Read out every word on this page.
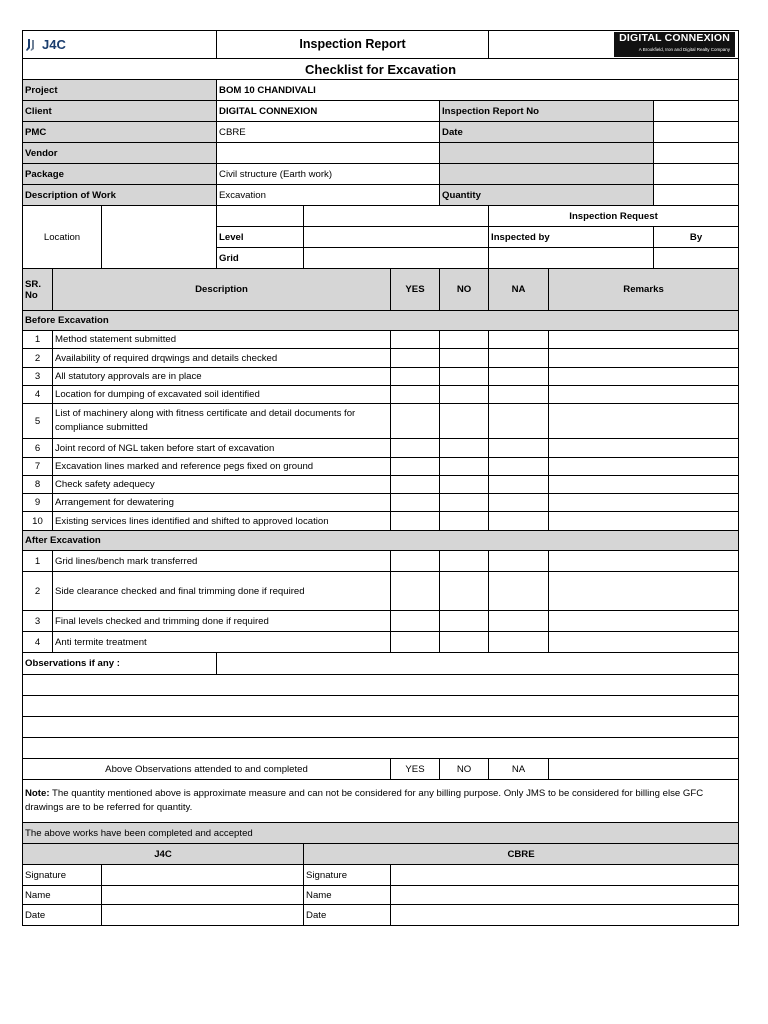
J4C			Inspection Report				DIGITAL CONNEXION
A Brookfield, Iron and Digital Realty Company			

Checklist for Excavation										
Project			BOM 10 CHANDIVALI							
Client			DIGITAL CONNEXION			Inspection Report No				
PMC			CBRE			Date				
Vendor										
Package			Civil structure (Earth work)							
Description of Work			Excavation			Quantity				
Location							Inspection Request			
			Level				Inspected by		By	
			Grid							
SR. No	Description				YES	NO	NA	Remarks		
Before Excavation										
1	Method statement submitted									
2	Availability of required drqwings and details checked									
3	All statutory approvals are in place									
4	Location for dumping of excavated soil identified									
5	List of machinery along with fitness certificate and detail documents for compliance submitted									
6	Joint record of NGL taken before start of excavation									
7	Excavation lines marked and reference pegs fixed on ground									
8	Check safety adequecy									
9	Arrangement for dewatering									
10	Existing services lines identified and shifted to approved location									
After Excavation										
1	Grid lines/bench mark transferred									
2	Side clearance checked and final trimming done if required									
3	Final levels checked and trimming done if required									
4	Anti termite treatment									
Observations if any :										

Above Observations attended to and completed					YES	NO	NA			
Note: The quantity mentioned above is approximate measure and can not be considered for any billing purpose. Only JMS to be considered for billing else GFC drawings are to be referred for quantity.										
The above works have been completed and accepted										
J4C				CBRE						
Signature				Signature						
Name				Name						
Date				Date						
